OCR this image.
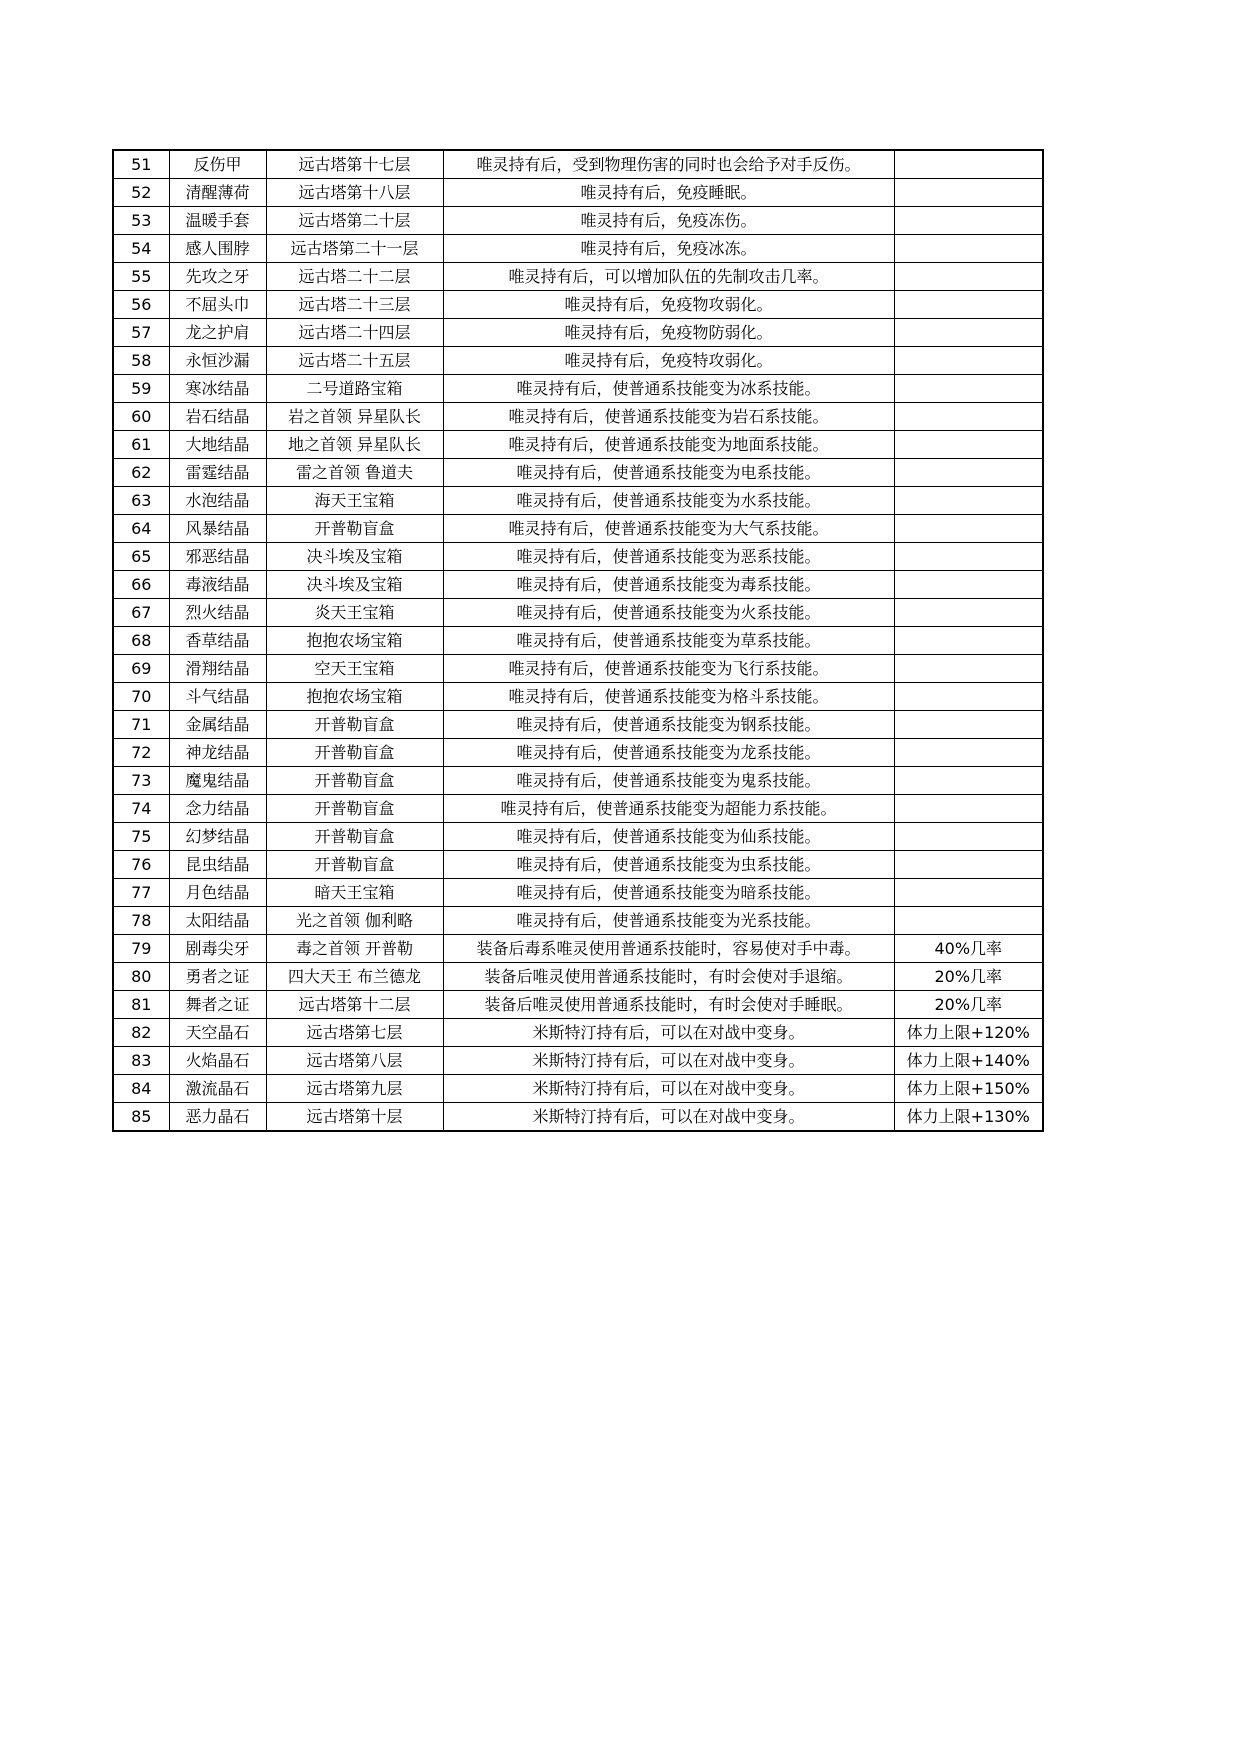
51	反伤甲	远古塔第十七层	唯灵持有后，受到物理伤害的同时也会给予对手反伤。	
52	清醒薄荷	远古塔第十八层	唯灵持有后，免疫睡眠。	
53	温暖手套	远古塔第二十层	唯灵持有后，免疫冻伤。	
54	感人围脖	远古塔第二十一层	唯灵持有后，免疫冰冻。	
55	先攻之牙	远古塔二十二层	唯灵持有后，可以增加队伍的先制攻击几率。	
56	不屈头巾	远古塔二十三层	唯灵持有后，免疫物攻弱化。	
57	龙之护肩	远古塔二十四层	唯灵持有后，免疫物防弱化。	
58	永恒沙漏	远古塔二十五层	唯灵持有后，免疫特攻弱化。	
59	寒冰结晶	二号道路宝箱	唯灵持有后，使普通系技能变为冰系技能。	
60	岩石结晶	岩之首领 异星队长	唯灵持有后，使普通系技能变为岩石系技能。	
61	大地结晶	地之首领 异星队长	唯灵持有后，使普通系技能变为地面系技能。	
62	雷霆结晶	雷之首领 鲁道夫	唯灵持有后，使普通系技能变为电系技能。	
63	水泡结晶	海天王宝箱	唯灵持有后，使普通系技能变为水系技能。	
64	风暴结晶	开普勒盲盒	唯灵持有后，使普通系技能变为大气系技能。	
65	邪恶结晶	决斗埃及宝箱	唯灵持有后，使普通系技能变为恶系技能。	
66	毒液结晶	决斗埃及宝箱	唯灵持有后，使普通系技能变为毒系技能。	
67	烈火结晶	炎天王宝箱	唯灵持有后，使普通系技能变为火系技能。	
68	香草结晶	抱抱农场宝箱	唯灵持有后，使普通系技能变为草系技能。	
69	滑翔结晶	空天王宝箱	唯灵持有后，使普通系技能变为飞行系技能。	
70	斗气结晶	抱抱农场宝箱	唯灵持有后，使普通系技能变为格斗系技能。	
71	金属结晶	开普勒盲盒	唯灵持有后，使普通系技能变为钢系技能。	
72	神龙结晶	开普勒盲盒	唯灵持有后，使普通系技能变为龙系技能。	
73	魔鬼结晶	开普勒盲盒	唯灵持有后，使普通系技能变为鬼系技能。	
74	念力结晶	开普勒盲盒	唯灵持有后，使普通系技能变为超能力系技能。	
75	幻梦结晶	开普勒盲盒	唯灵持有后，使普通系技能变为仙系技能。	
76	昆虫结晶	开普勒盲盒	唯灵持有后，使普通系技能变为虫系技能。	
77	月色结晶	暗天王宝箱	唯灵持有后，使普通系技能变为暗系技能。	
78	太阳结晶	光之首领 伽利略	唯灵持有后，使普通系技能变为光系技能。	
79	剧毒尖牙	毒之首领 开普勒	装备后毒系唯灵使用普通系技能时，容易使对手中毒。	40%几率
80	勇者之证	四大天王 布兰德龙	装备后唯灵使用普通系技能时，有时会使对手退缩。	20%几率
81	舞者之证	远古塔第十二层	装备后唯灵使用普通系技能时，有时会使对手睡眠。	20%几率
82	天空晶石	远古塔第七层	米斯特汀持有后，可以在对战中变身。	体力上限+120%
83	火焰晶石	远古塔第八层	米斯特汀持有后，可以在对战中变身。	体力上限+140%
84	激流晶石	远古塔第九层	米斯特汀持有后，可以在对战中变身。	体力上限+150%
85	恶力晶石	远古塔第十层	米斯特汀持有后，可以在对战中变身。	体力上限+130%
